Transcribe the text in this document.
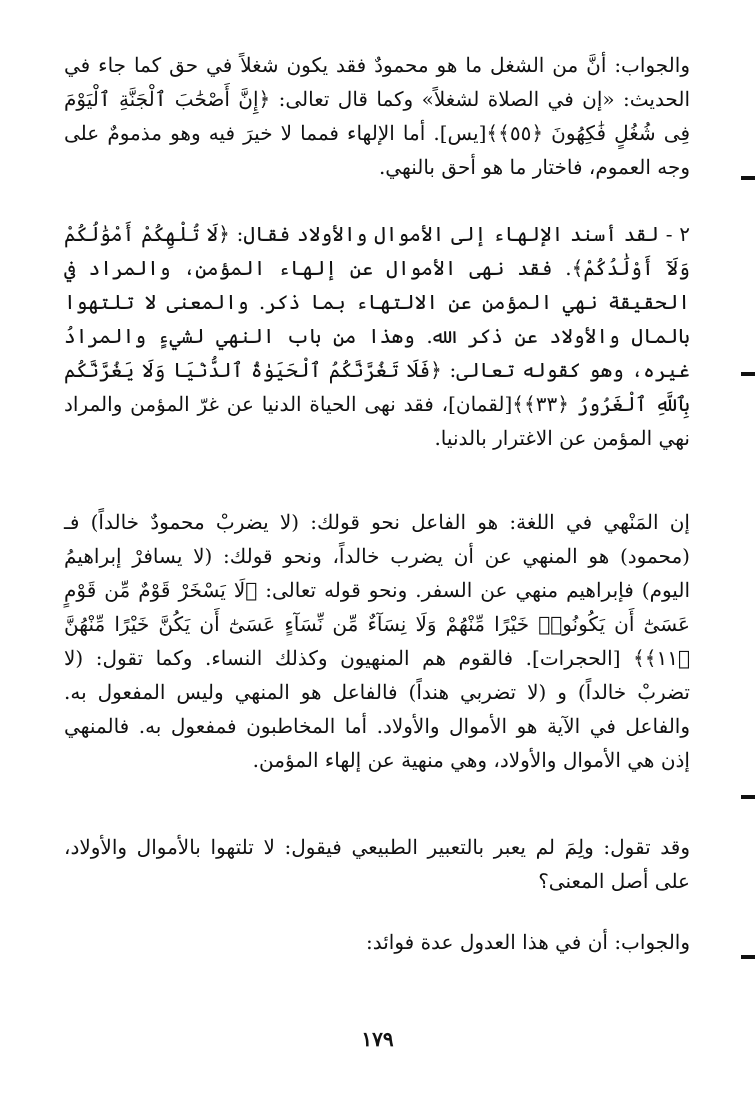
والجواب: أنَّ من الشغل ما هو محمودٌ فقد يكون شغلاً في حق كما جاء في الحديث: «إن في الصلاة لشغلاً» وكما قال تعالى: ﴿إِنَّ أَصْحَٰبَ ٱلْجَنَّةِ ٱلْيَوْمَ فِى شُغُلٍ فَٰكِهُونَ ﴿٥٥﴾﴾[يس]. أما الإلهاء فمما لا خيرَ فيه وهو مذمومٌ على وجه العموم، فاختار ما هو أحق بالنهي.

٢ - لقد أسند الإلهاء إلى الأموال والأولاد فقال: ﴿لَا تُلْهِكُمْ أَمْوَٰلُكُمْ وَلَآ أَوْلَٰدُكُمْ﴾. فقد نهى الأموال عن إلهاء المؤمن، والمراد في الحقيقة نهي المؤمن عن الالتهاء بما ذكر. والمعنى لا تلتهوا بالمال والأولاد عن ذكر الله. وهذا من باب النهي لشيءٍ والمرادُ غيره، وهو كقوله تعالى: ﴿فَلَا تَغُرَّنَّكُمُ ٱلْحَيَوٰةُ ٱلدُّنْيَا وَلَا يَغُرَّنَّكُم بِٱللَّهِ ٱلْغَرُورُ ﴿٣٣﴾﴾[لقمان]، فقد نهى الحياة الدنيا عن غرّ المؤمن والمراد نهي المؤمن عن الاغترار بالدنيا.

إن المَنْهي في اللغة: هو الفاعل نحو قولك: (لا يضربْ محمودٌ خالداً) فـ (محمود) هو المنهي عن أن يضرب خالداً، ونحو قولك: (لا يسافرْ إبراهيمُ اليوم) فإبراهيم منهي عن السفر. ونحو قوله تعالى: ﴿لَا يَسْخَرْ قَوْمٌ مِّن قَوْمٍ عَسَىٰٓ أَن يَكُونُوا۟ خَيْرًا مِّنْهُمْ وَلَا نِسَآءٌ مِّن نِّسَآءٍ عَسَىٰٓ أَن يَكُنَّ خَيْرًا مِّنْهُنَّ ﴿١١﴾﴾ [الحجرات]. فالقوم هم المنهيون وكذلك النساء. وكما تقول: (لا تضربْ خالداً) و (لا تضربي هنداً) فالفاعل هو المنهي وليس المفعول به. والفاعل في الآية هو الأموال والأولاد. أما المخاطبون فمفعول به. فالمنهي إذن هي الأموال والأولاد، وهي منهية عن إلهاء المؤمن.

وقد تقول: ولِمَ لم يعبر بالتعبير الطبيعي فيقول: لا تلتهوا بالأموال والأولاد، على أصل المعنى؟

والجواب: أن في هذا العدول عدة فوائد:

١٧٩
